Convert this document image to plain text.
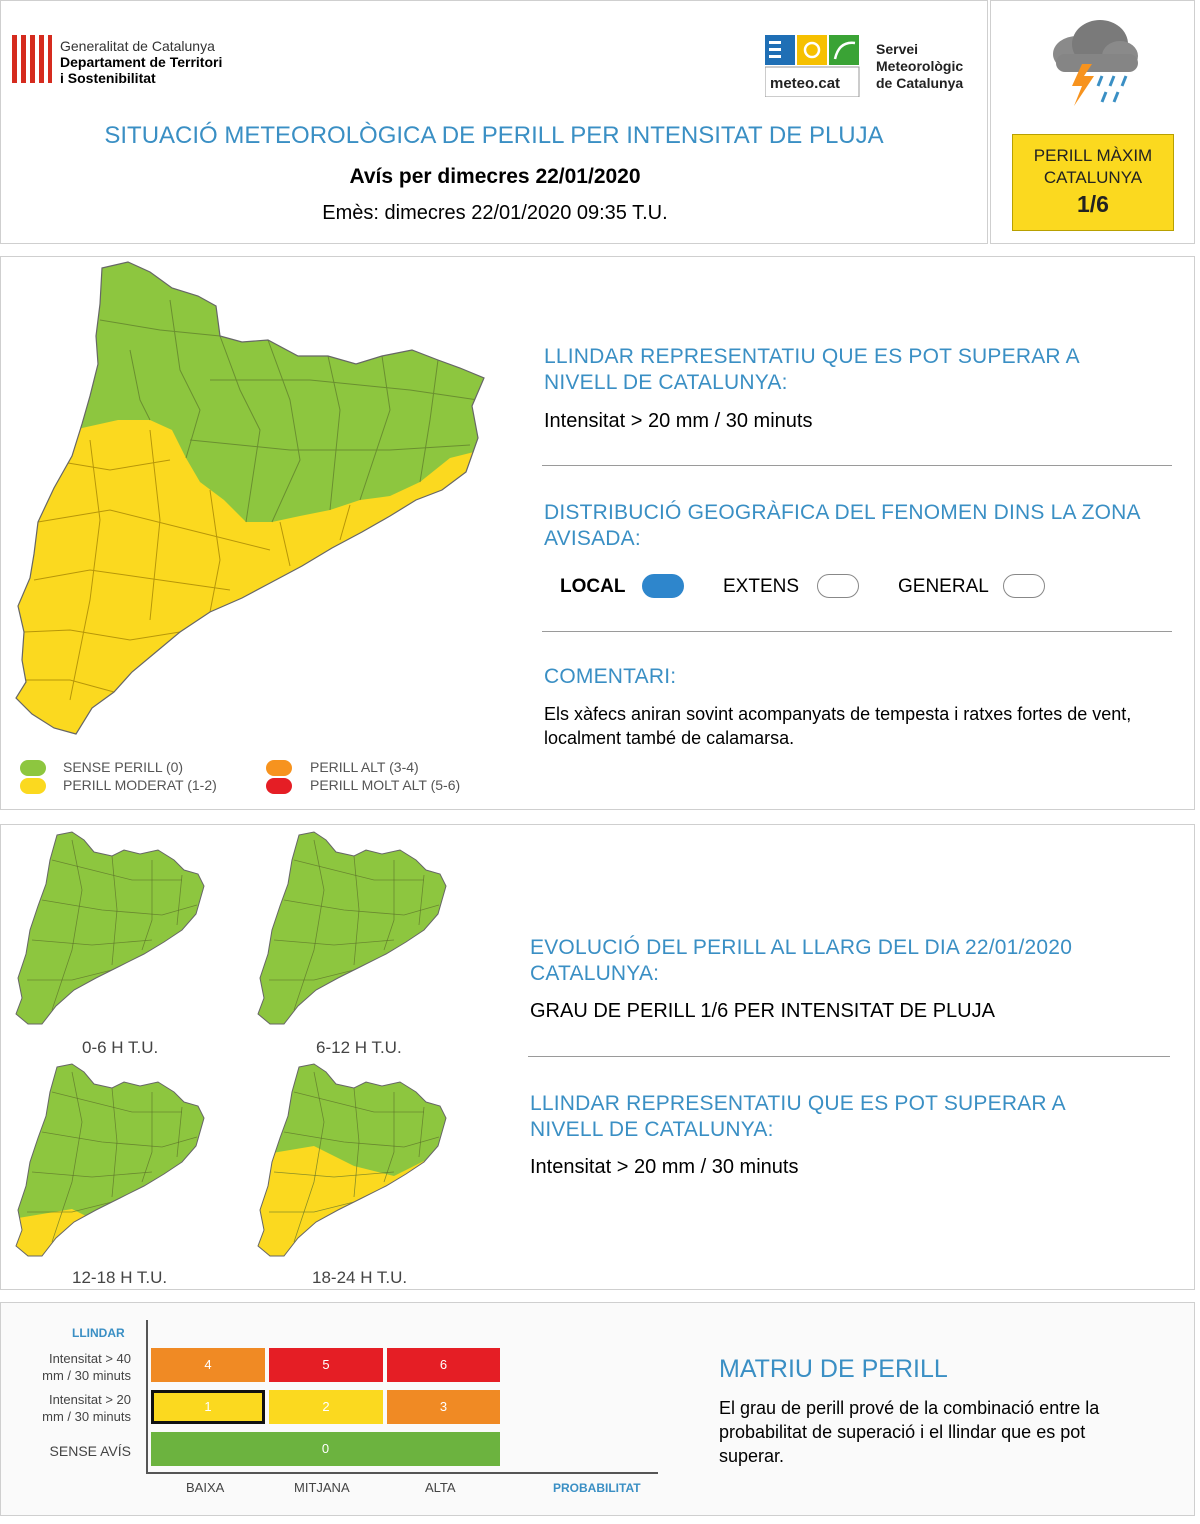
Generalitat de Catalunya
Departament de Territori
i Sostenibilitat	meteo.cat
Servei
Meteorològic
de Catalunya
SITUACIÓ METEOROLÒGICA DE PERILL PER INTENSITAT DE PLUJA
Avís per dimecres 22/01/2020
Emès: dimecres 22/01/2020 09:35 T.U.
PERILL MÀXIM
CATALUNYA
1/6
SENSE PERILL (0)
PERILL MODERAT (1-2)
PERILL ALT (3-4)
PERILL MOLT ALT (5-6)
LLINDAR REPRESENTATIU QUE ES POT SUPERAR A NIVELL DE CATALUNYA:
Intensitat > 20 mm / 30 minuts
DISTRIBUCIÓ GEOGRÀFICA DEL FENOMEN DINS LA ZONA AVISADA:
LOCAL	EXTENS	GENERAL
COMENTARI:
Els xàfecs aniran sovint acompanyats de tempesta i ratxes fortes de vent, localment també de calamarsa.
0-6 H T.U.	6-12 H T.U.
12-18 H T.U.	18-24 H T.U.
EVOLUCIÓ DEL PERILL AL LLARG DEL DIA 22/01/2020 CATALUNYA:
GRAU DE PERILL 1/6 PER INTENSITAT DE PLUJA
LLINDAR REPRESENTATIU QUE ES POT SUPERAR A NIVELL DE CATALUNYA:
Intensitat > 20 mm / 30 minuts
LLINDAR
Intensitat > 40
mm / 30 minuts
Intensitat > 20
mm / 30 minuts
SENSE AVÍS
4	5	6
1	2	3
0
BAIXA	MITJANA	ALTA	PROBABILITAT
MATRIU DE PERILL
El grau de perill prové de la combinació entre la probabilitat de superació i el llindar que es pot superar.
